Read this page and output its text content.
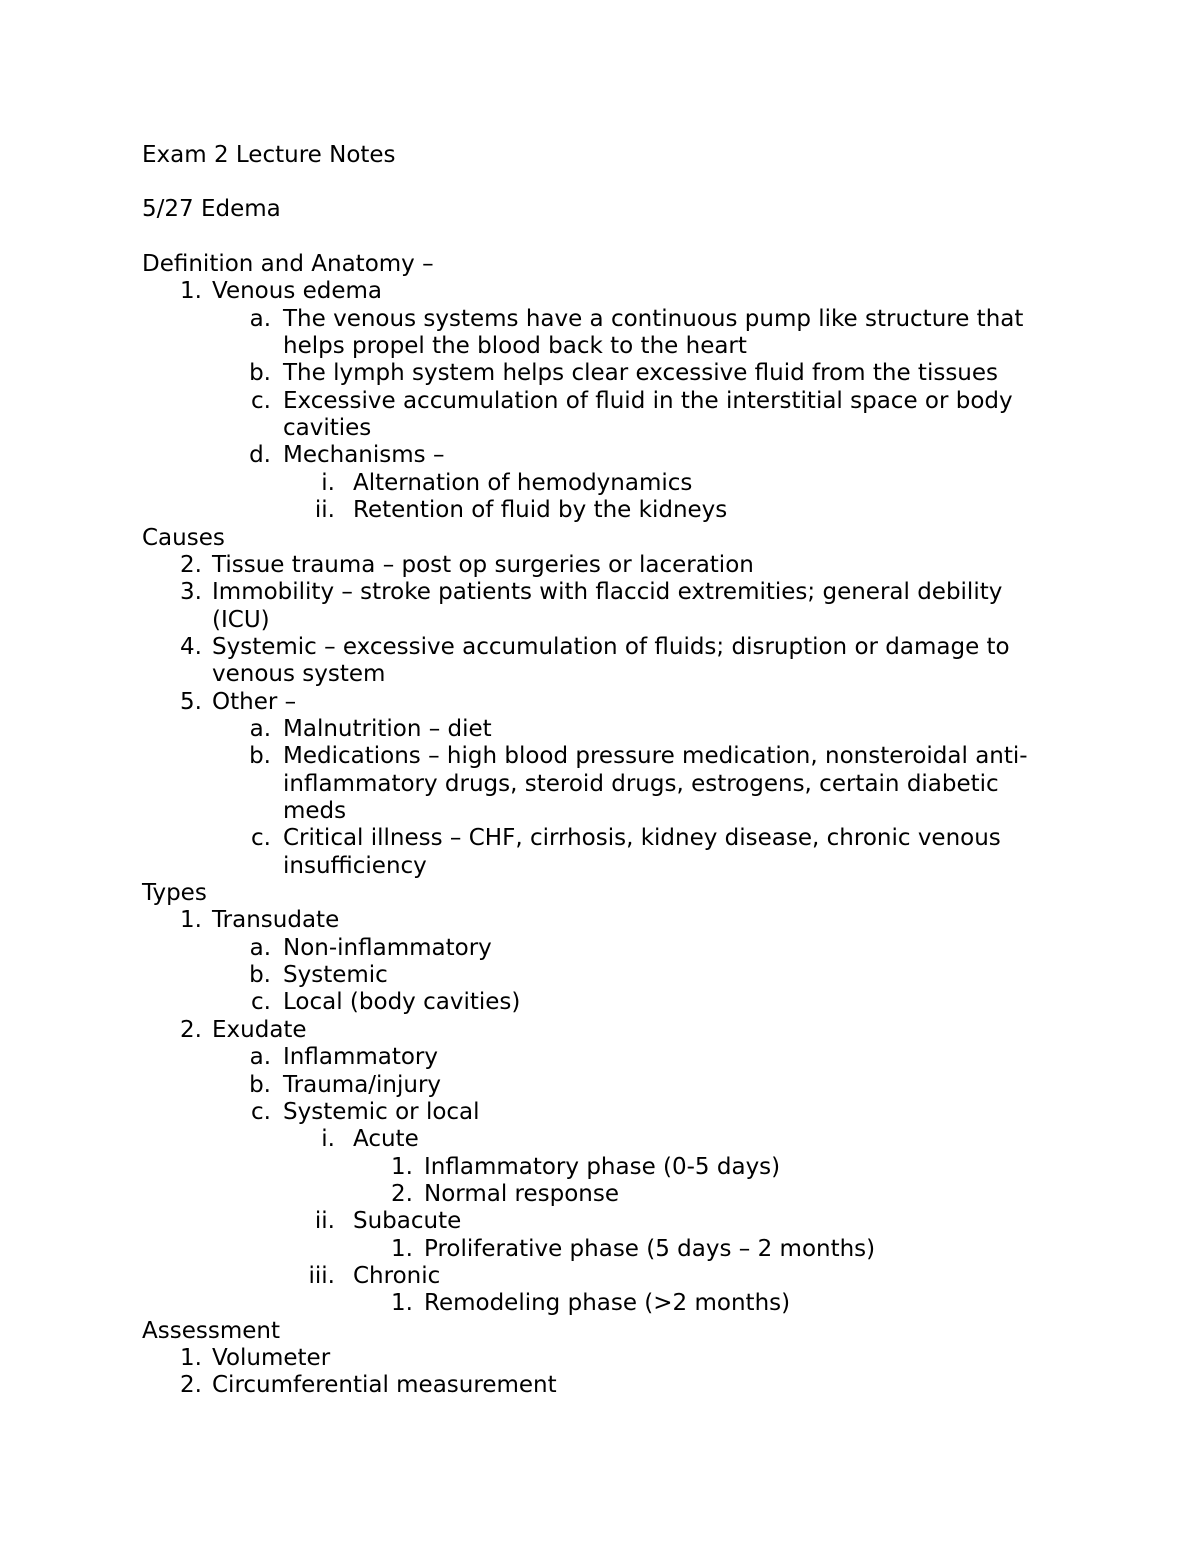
Exam 2 Lecture Notes
5/27 Edema
Definition and Anatomy –
1. Venous edema
a. The venous systems have a continuous pump like structure that
helps propel the blood back to the heart
b. The lymph system helps clear excessive fluid from the tissues
c. Excessive accumulation of fluid in the interstitial space or body
cavities
d. Mechanisms –
i. Alternation of hemodynamics
ii. Retention of fluid by the kidneys
Causes
2. Tissue trauma – post op surgeries or laceration
3. Immobility – stroke patients with flaccid extremities; general debility
(ICU)
4. Systemic – excessive accumulation of fluids; disruption or damage to
venous system
5. Other –
a. Malnutrition – diet
b. Medications – high blood pressure medication, nonsteroidal anti-
inflammatory drugs, steroid drugs, estrogens, certain diabetic
meds
c. Critical illness – CHF, cirrhosis, kidney disease, chronic venous
insufficiency
Types
1. Transudate
a. Non-inflammatory
b. Systemic
c. Local (body cavities)
2. Exudate
a. Inflammatory
b. Trauma/injury
c. Systemic or local
i. Acute
1. Inflammatory phase (0-5 days)
2. Normal response
ii. Subacute
1. Proliferative phase (5 days – 2 months)
iii. Chronic
1. Remodeling phase (>2 months)
Assessment
1. Volumeter
2. Circumferential measurement
